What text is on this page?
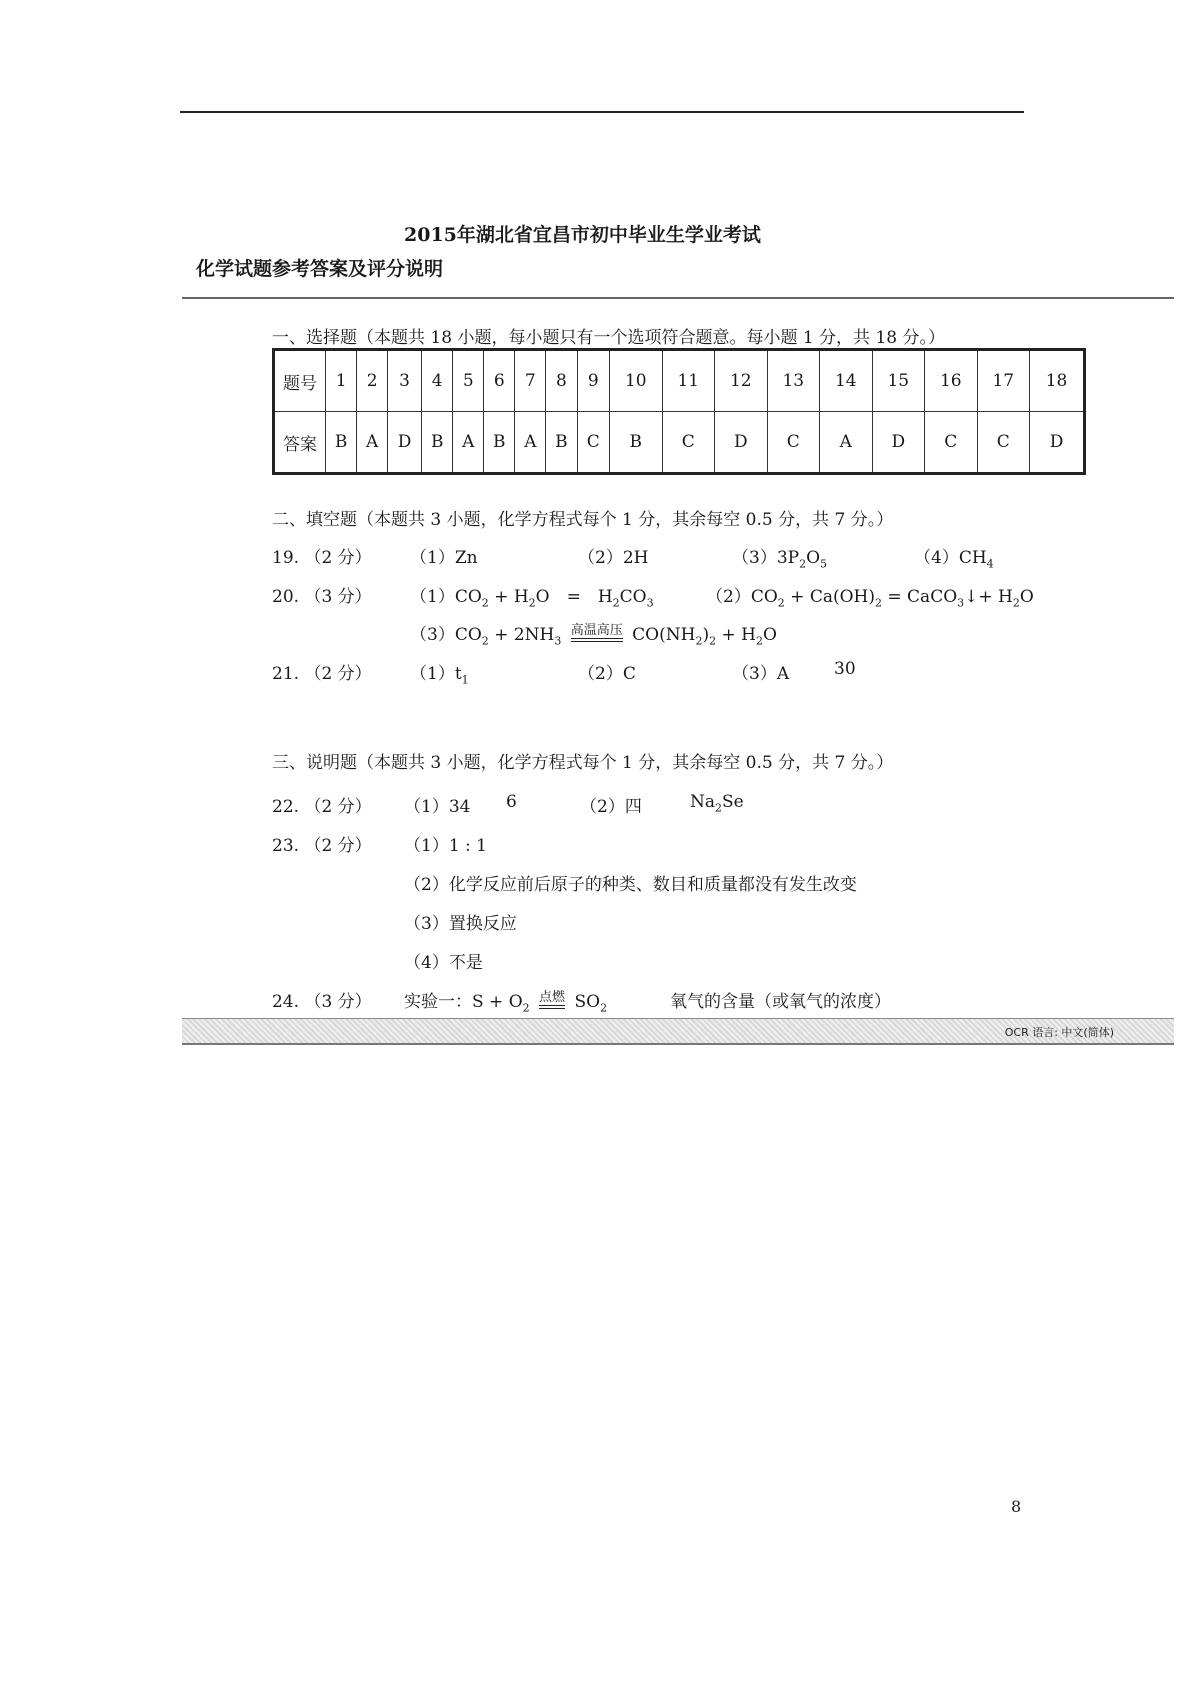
2015年湖北省宜昌市初中毕业生学业考试
化学试题参考答案及评分说明
一、选择题（本题共 18 小题，每小题只有一个选项符合题意。每小题 1 分，共 18 分。）
题号	1	2	3	4	5	6	7	8	9	10	11	12	13	14	15	16	17	18
答案	B	A	D	B	A	B	A	B	C	B	C	D	C	A	D	C	C	D
二、填空题（本题共 3 小题，化学方程式每个 1 分，其余每空 0.5 分，共 7 分。）
19. （2 分） （1）Zn	（2）2H	$(3)3P_2O_5$	$(4)CH_4$
20. （3 分） $(1)CO_2 + H_2O$　=　$H_2CO_3$	$(2)CO_2 + Ca(OH)_2$ = CaCO$_3$↓+ $H_2O$
$(3)CO_2 + 2NH_3$
高温高压 $CO(NH_2)_2 + H_2O$
21. （2 分） $(1)t_1$	（2）C	（3）A	30
三、说明题（本题共 3 小题，化学方程式每个 1 分，其余每空 0.5 分，共 7 分。）
22. （2 分） （1）34 6	（2）四	$Na_2Se$
23. （2 分） （1）1 : 1
（2）化学反应前后原子的种类、数目和质量都没有发生改变
（3）置换反应
（4）不是
24. （3 分） 实验一：$S + O_2$
点燃 $SO_2$	氧气的含量（或氧气的浓度）
OCR 语言: 中文(简体)
8
